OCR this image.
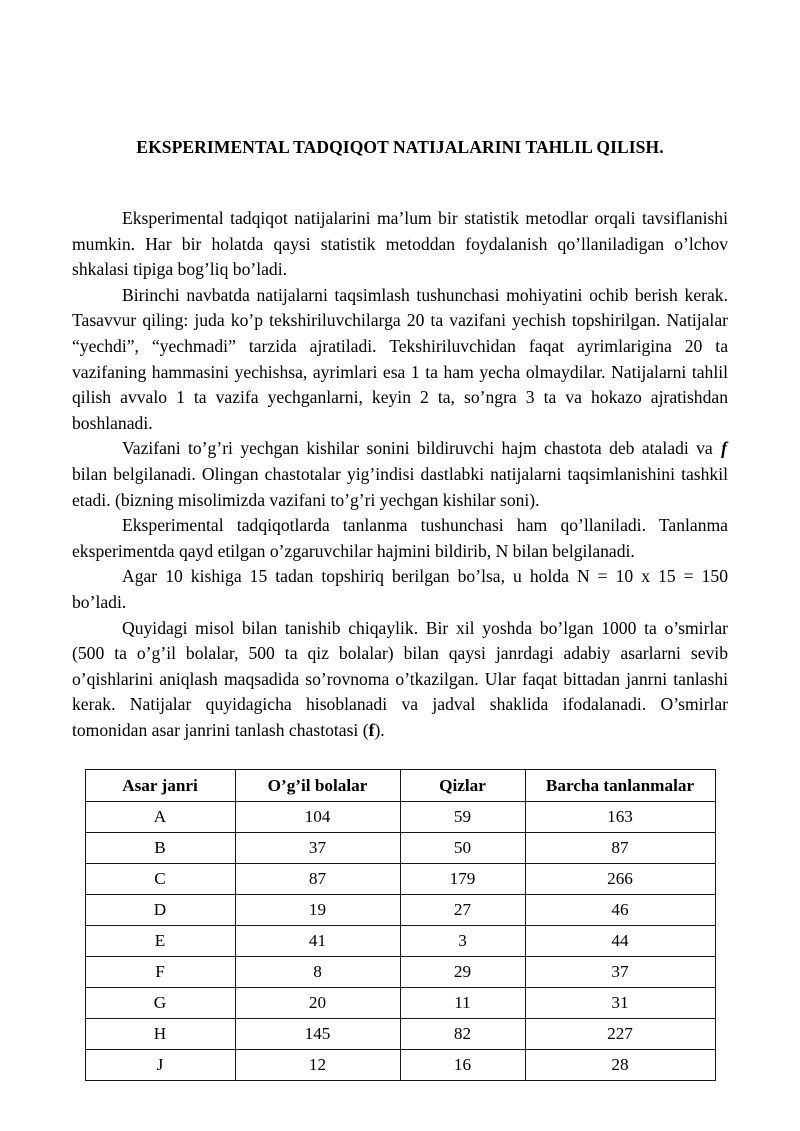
EKSPERIMENTAL TADQIQOT NATIJALARINI TAHLIL QILISH.

Eksperimental tadqiqot natijalarini ma’lum bir statistik metodlar orqali tavsiflanishi mumkin. Har bir holatda qaysi statistik metoddan foydalanish qo’llaniladigan o’lchov shkalasi tipiga bog’liq bo’ladi.

Birinchi navbatda natijalarni taqsimlash tushunchasi mohiyatini ochib berish kerak. Tasavvur qiling: juda ko’p tekshiriluvchilarga 20 ta vazifani yechish topshirilgan. Natijalar “yechdi”, “yechmadi” tarzida ajratiladi. Tekshiriluvchidan faqat ayrimlarigina 20 ta vazifaning hammasini yechishsa, ayrimlari esa 1 ta ham yecha olmaydilar. Natijalarni tahlil qilish avvalo 1 ta vazifa yechganlarni, keyin 2 ta, so’ngra 3 ta va hokazo ajratishdan boshlanadi.

Vazifani to’g’ri yechgan kishilar sonini bildiruvchi hajm chastota deb ataladi va f bilan belgilanadi. Olingan chastotalar yig’indisi dastlabki natijalarni taqsimlanishini tashkil etadi. (bizning misolimizda vazifani to’g’ri yechgan kishilar soni).

Eksperimental tadqiqotlarda tanlanma tushunchasi ham qo’llaniladi. Tanlanma eksperimentda qayd etilgan o’zgaruvchilar hajmini bildirib, N bilan belgilanadi.

Agar 10 kishiga 15 tadan topshiriq berilgan bo’lsa, u holda N = 10 x 15 = 150 bo’ladi.

Quyidagi misol bilan tanishib chiqaylik. Bir xil yoshda bo’lgan 1000 ta o’smirlar (500 ta o’g’il bolalar, 500 ta qiz bolalar) bilan qaysi janrdagi adabiy asarlarni sevib o’qishlarini aniqlash maqsadida so’rovnoma o’tkazilgan. Ular faqat bittadan janrni tanlashi kerak. Natijalar quyidagicha hisoblanadi va jadval shaklida ifodalanadi. O’smirlar tomonidan asar janrini tanlash chastotasi (f).

Asar janri	O’g’il bolalar	Qizlar	Barcha tanlanmalar
A	104	59	163
B	37	50	87
C	87	179	266
D	19	27	46
E	41	3	44
F	8	29	37
G	20	11	31
H	145	82	227
J	12	16	28
